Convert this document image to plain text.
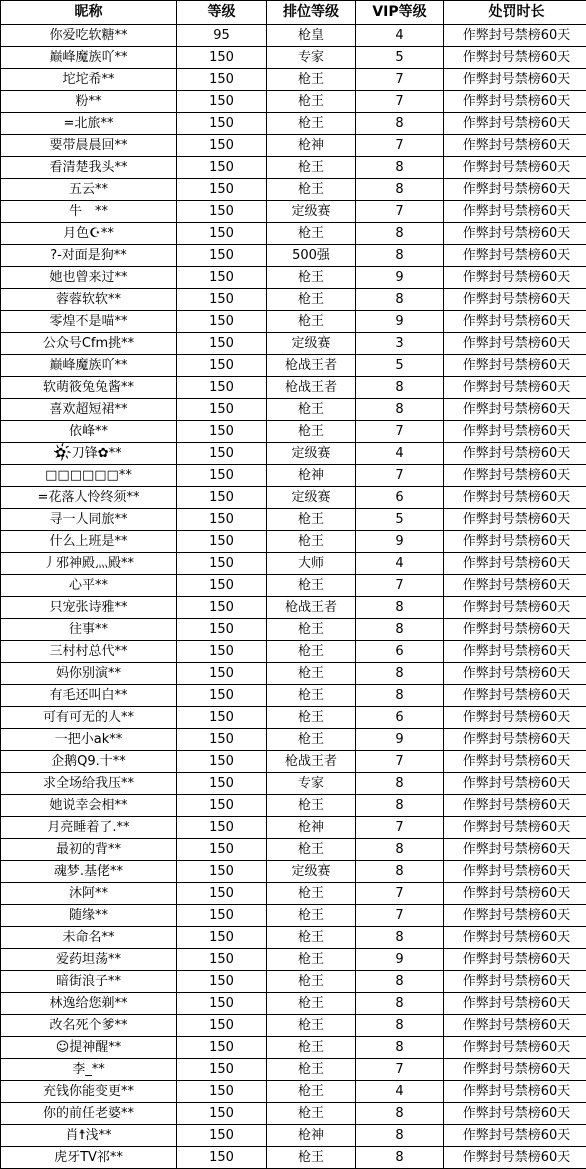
昵称	等级	排位等级	VIP等级	处罚时长
你爱吃软糖**	95	枪皇	4	作弊封号禁榜60天
巅峰魔族吖**	150	专家	5	作弊封号禁榜60天
坨坨希**	150	枪王	7	作弊封号禁榜60天
粉**	150	枪王	7	作弊封号禁榜60天
=北旅**	150	枪王	8	作弊封号禁榜60天
要带晨晨回**	150	枪神	7	作弊封号禁榜60天
看清楚我头**	150	枪王	8	作弊封号禁榜60天
五云**	150	枪王	8	作弊封号禁榜60天
牛　**	150	定级赛	7	作弊封号禁榜60天
月色☪**	150	枪王	8	作弊封号禁榜60天
?-对面是狗**	150	500强	8	作弊封号禁榜60天
她也曾来过**	150	枪王	9	作弊封号禁榜60天
蓉蓉软软**	150	枪王	8	作弊封号禁榜60天
零煌不是喵**	150	枪王	9	作弊封号禁榜60天
公众号Cfm挑**	150	定级赛	3	作弊封号禁榜60天
巅峰魔族吖**	150	枪战王者	5	作弊封号禁榜60天
软萌筱兔兔酱**	150	枪战王者	8	作弊封号禁榜60天
喜欢超短裙**	150	枪王	8	作弊封号禁榜60天
依峰**	150	枪王	7	作弊封号禁榜60天
✿҉刀锋✿**	150	定级赛	4	作弊封号禁榜60天
□□□□□□**	150	枪神	7	作弊封号禁榜60天
=花落人怜终须**	150	定级赛	6	作弊封号禁榜60天
寻一人同旅**	150	枪王	5	作弊封号禁榜60天
什么上班是**	150	枪王	9	作弊封号禁榜60天
丿邪神殿灬殿**	150	大师	4	作弊封号禁榜60天
心平**	150	枪王	7	作弊封号禁榜60天
只宠张诗雅**	150	枪战王者	8	作弊封号禁榜60天
往事**	150	枪王	8	作弊封号禁榜60天
三村村总代**	150	枪王	6	作弊封号禁榜60天
妈你别演**	150	枪王	8	作弊封号禁榜60天
有毛还叫白**	150	枪王	8	作弊封号禁榜60天
可有可无的人**	150	枪王	6	作弊封号禁榜60天
一把小ak**	150	枪王	9	作弊封号禁榜60天
企鹅Q9.十**	150	枪战王者	7	作弊封号禁榜60天
求全场给我压**	150	专家	8	作弊封号禁榜60天
她说幸会相**	150	枪王	8	作弊封号禁榜60天
月亮睡着了.**	150	枪神	7	作弊封号禁榜60天
最初的背**	150	枪王	8	作弊封号禁榜60天
魂梦.基佬**	150	定级赛	8	作弊封号禁榜60天
沐阿**	150	枪王	7	作弊封号禁榜60天
随缘**	150	枪王	7	作弊封号禁榜60天
未命名**	150	枪王	8	作弊封号禁榜60天
爱药坦荡**	150	枪王	9	作弊封号禁榜60天
暗街浪子**	150	枪王	8	作弊封号禁榜60天
林逸给您剃**	150	枪王	8	作弊封号禁榜60天
改名死个爹**	150	枪王	8	作弊封号禁榜60天
☺提神醒**	150	枪王	8	作弊封号禁榜60天
李_**	150	枪王	7	作弊封号禁榜60天
充钱你能变更**	150	枪王	4	作弊封号禁榜60天
你的前任老婆**	150	枪王	8	作弊封号禁榜60天
肖☨浅**	150	枪神	8	作弊封号禁榜60天
虎牙TV祁**	150	枪王	8	作弊封号禁榜60天
